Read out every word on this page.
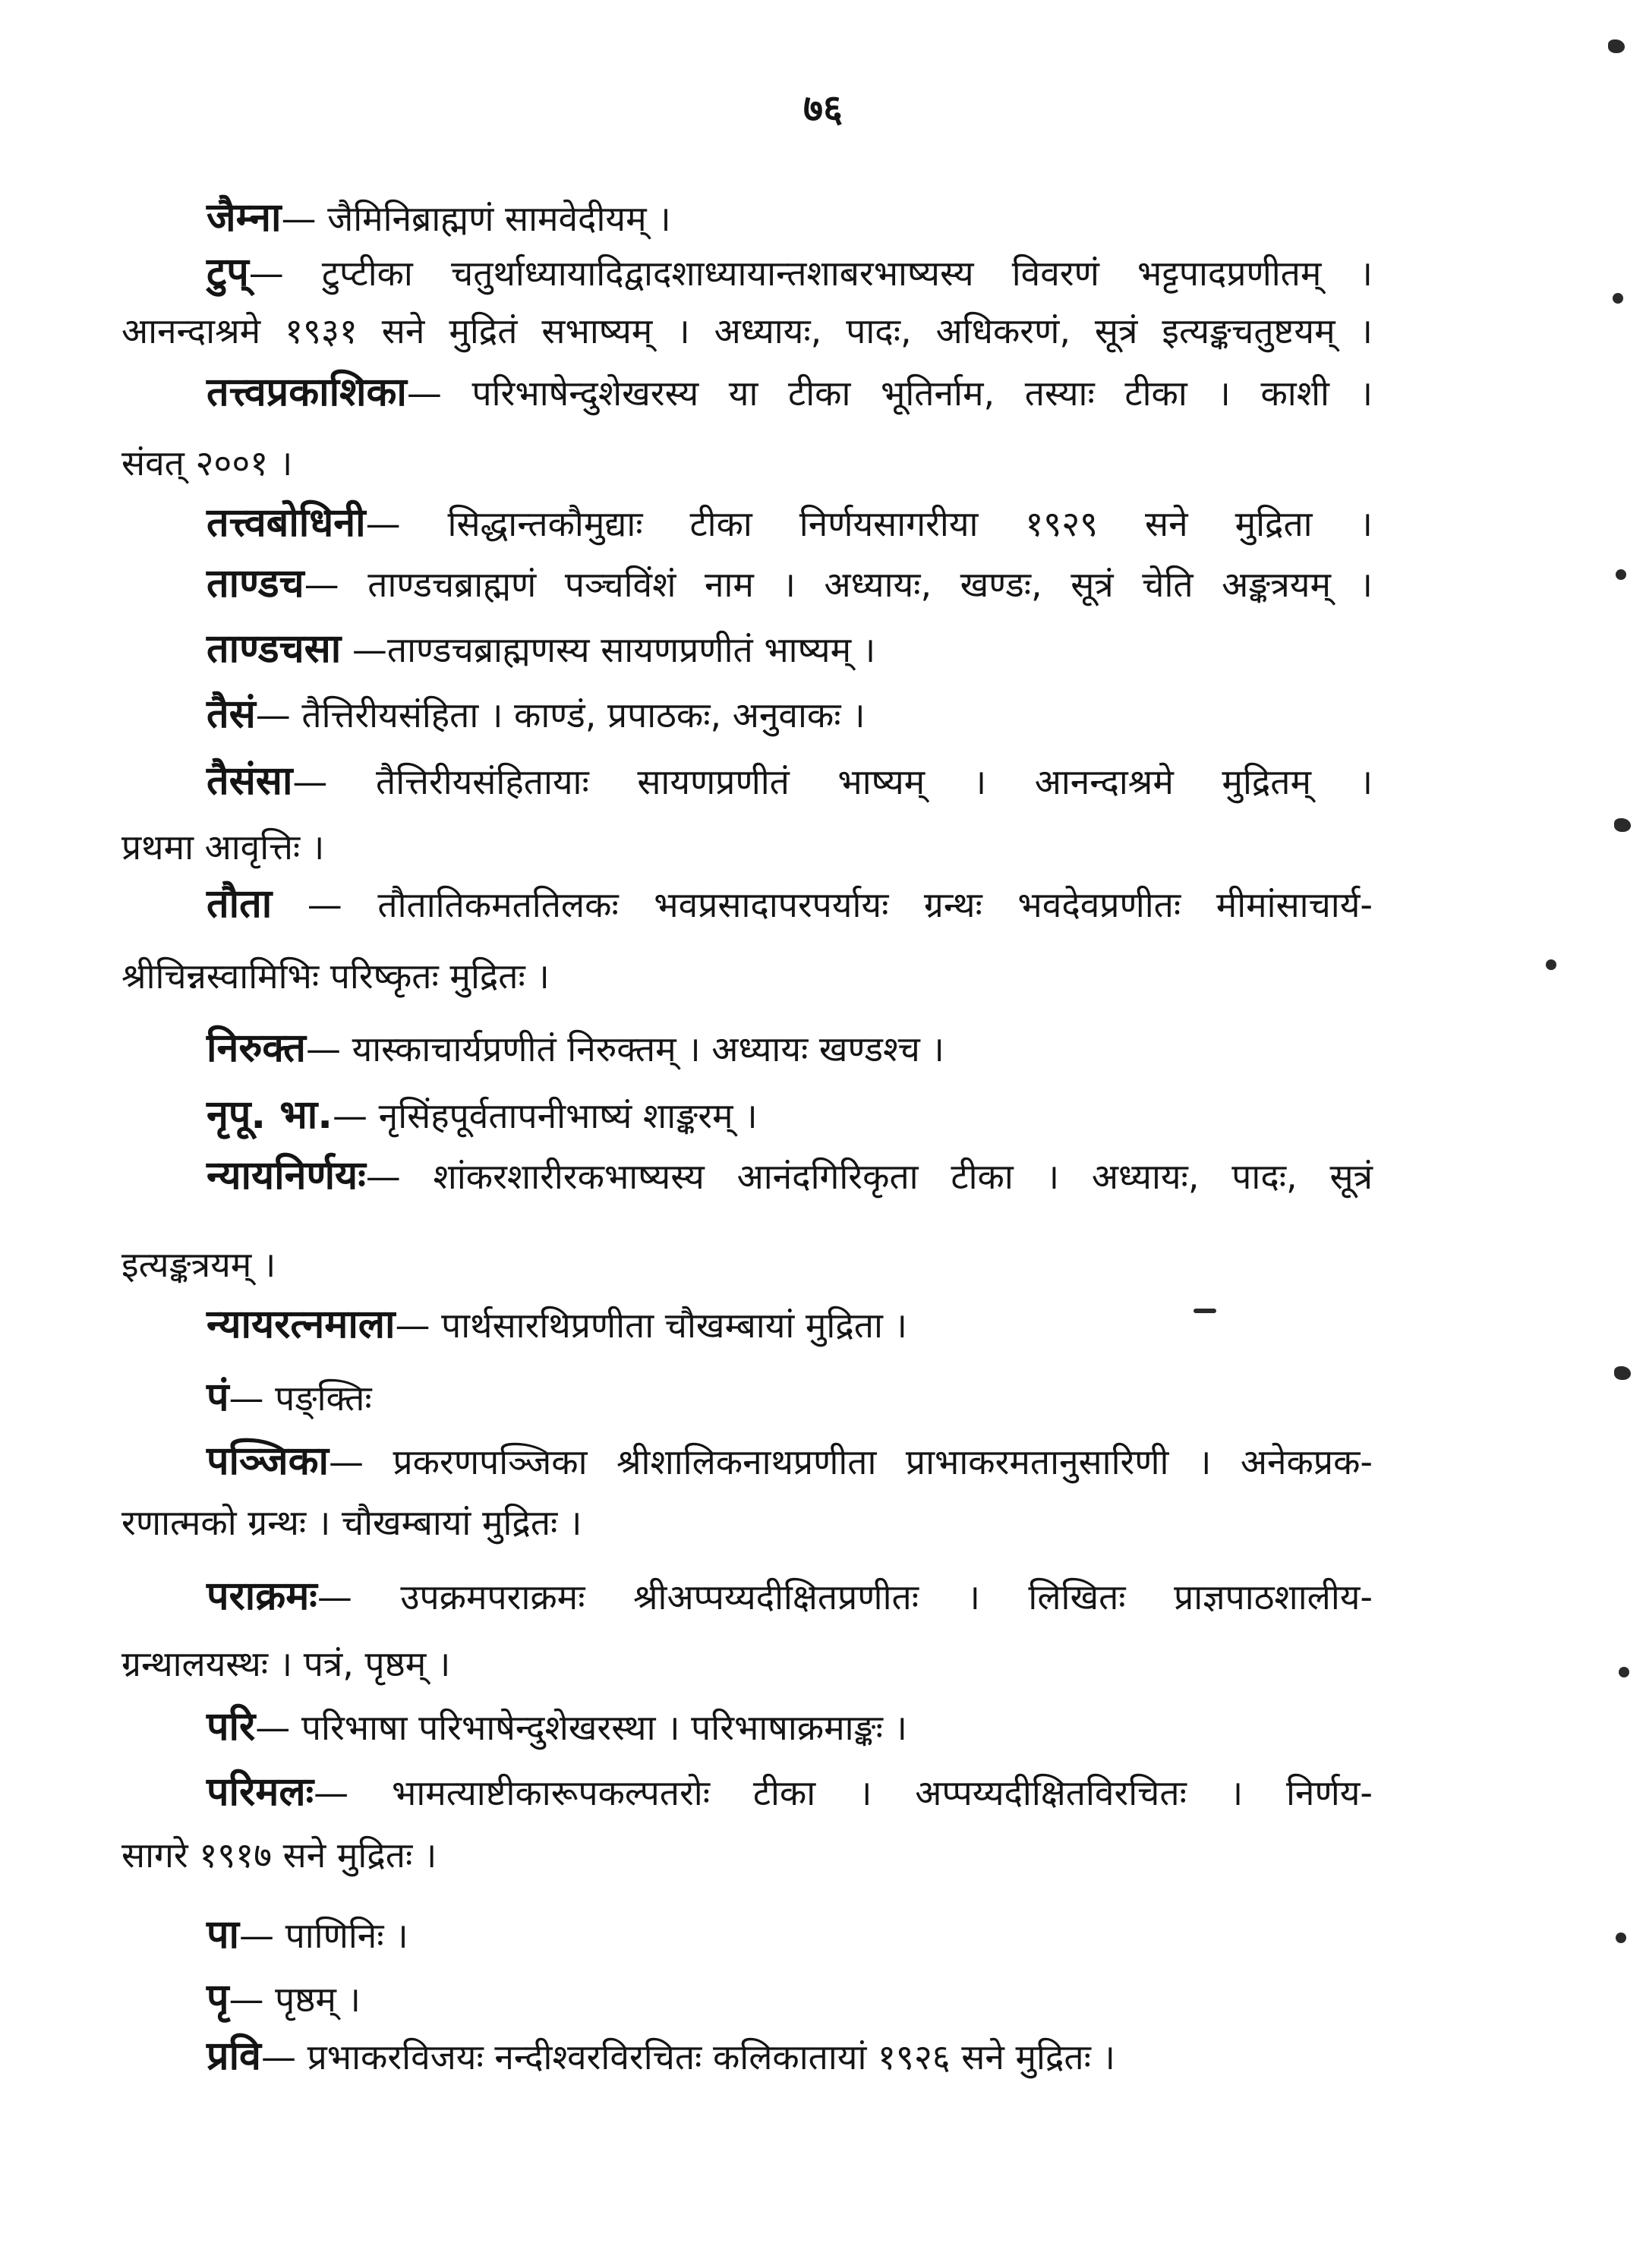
७६
जैम्ना— जैमिनिब्राह्मणं सामवेदीयम् ।
टुप्— टुप्टीका चतुर्थाध्यायादिद्वादशाध्यायान्तशाबरभाष्यस्य विवरणं भट्टपादप्रणीतम् ।
आनन्दाश्रमे १९३१ सने मुद्रितं सभाष्यम् । अध्यायः, पादः, अधिकरणं, सूत्रं इत्यङ्कचतुष्टयम् ।
तत्त्वप्रकाशिका— परिभाषेन्दुशेखरस्य या टीका भूतिर्नाम, तस्याः टीका । काशी ।
संवत् २००१ ।
तत्त्वबोधिनी— सिद्धान्तकौमुद्याः टीका निर्णयसागरीया १९२९ सने मुद्रिता ।
ताण्डच— ताण्डचब्राह्मणं पञ्चविंशं नाम । अध्यायः, खण्डः, सूत्रं चेति अङ्कत्रयम् ।
ताण्डचसा —ताण्डचब्राह्मणस्य सायणप्रणीतं भाष्यम् ।
तैसं— तैत्तिरीयसंहिता । काण्डं, प्रपाठकः, अनुवाकः ।
तैसंसा— तैत्तिरीयसंहितायाः सायणप्रणीतं भाष्यम् । आनन्दाश्रमे मुद्रितम् ।
प्रथमा आवृत्तिः ।
तौता — तौतातिकमततिलकः भवप्रसादापरपर्यायः ग्रन्थः भवदेवप्रणीतः मीमांसाचार्य-
श्रीचिन्नस्वामिभिः परिष्कृतः मुद्रितः ।
निरुक्त— यास्काचार्यप्रणीतं निरुक्तम् । अध्यायः खण्डश्च ।
नृपू. भा.— नृसिंहपूर्वतापनीभाष्यं शाङ्करम् ।
न्यायनिर्णयः— शांकरशारीरकभाष्यस्य आनंदगिरिकृता टीका । अध्यायः, पादः, सूत्रं
इत्यङ्कत्रयम् ।
न्यायरत्नमाला— पार्थसारथिप्रणीता चौखम्बायां मुद्रिता ।
पं— पङ्क्तिः
पञ्जिका— प्रकरणपञ्जिका श्रीशालिकनाथप्रणीता प्राभाकरमतानुसारिणी । अनेकप्रक-
रणात्मको ग्रन्थः । चौखम्बायां मुद्रितः ।
पराक्रमः— उपक्रमपराक्रमः श्रीअप्पय्यदीक्षितप्रणीतः । लिखितः प्राज्ञपाठशालीय-
ग्रन्थालयस्थः । पत्रं, पृष्ठम् ।
परि— परिभाषा परिभाषेन्दुशेखरस्था । परिभाषाक्रमाङ्कः ।
परिमलः— भामत्याष्टीकारूपकल्पतरोः टीका । अप्पय्यदीक्षितविरचितः । निर्णय-
सागरे १९१७ सने मुद्रितः ।
पा— पाणिनिः ।
पृ— पृष्ठम् ।
प्रवि— प्रभाकरविजयः नन्दीश्वरविरचितः कलिकातायां १९२६ सने मुद्रितः ।
